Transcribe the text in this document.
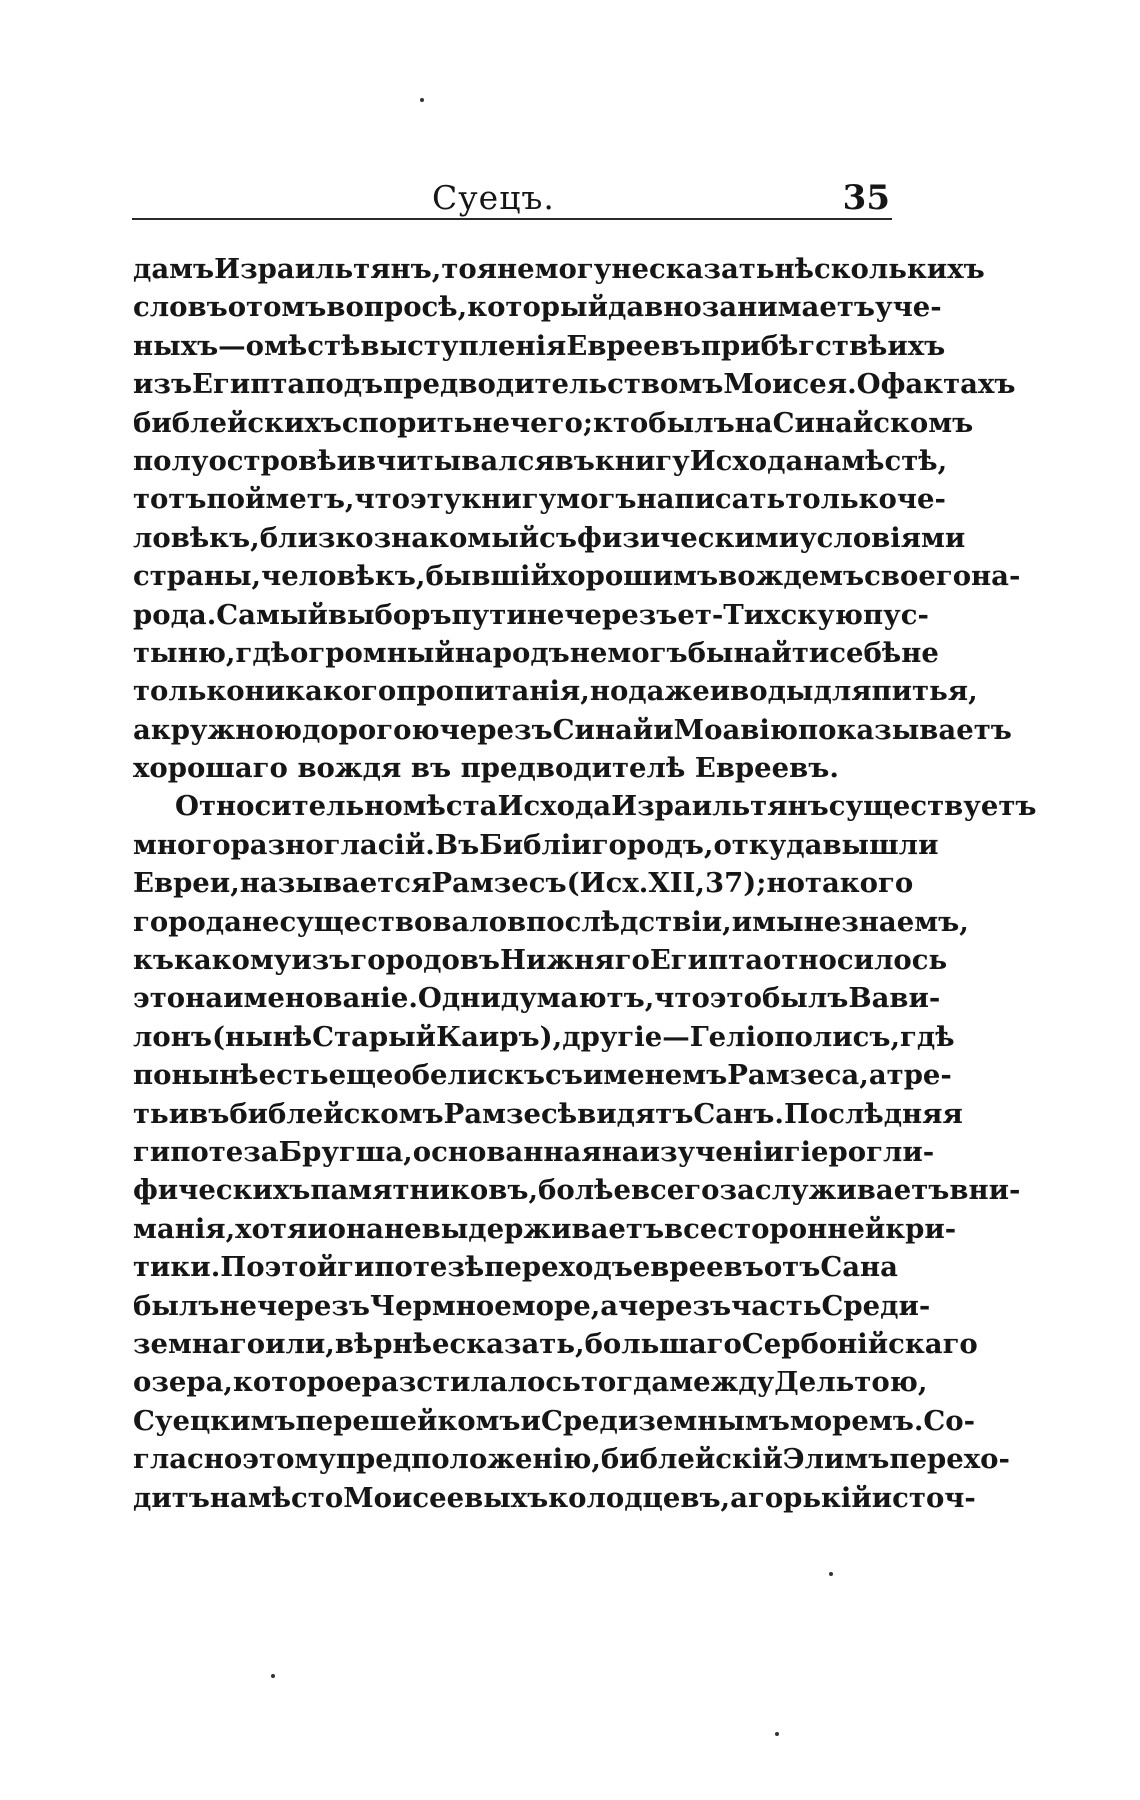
Суецъ.	35
дамъ Израильтянъ, то я не могу не сказать нѣсколькихъ
словъ о томъ вопросѣ, который давно занимаетъ уче-
ныхъ—о мѣстѣ выступленія Евреевъ при бѣгствѣ ихъ
изъ Египта подъ предводительствомъ Моисея. О фактахъ
библейскихъ спорить нечего; кто былъ на Синайскомъ
полуостровѣ и вчитывался въ книгу Исхода на мѣстѣ,
тотъ пойметъ, что эту книгу могъ написать только че-
ловѣкъ, близко знакомый съ физическими условіями
страны, человѣкъ, бывшій хорошимъ вождемъ своего на-
рода. Самый выборъ пути не черезъ ет-Тихскую пус-
тыню, гдѣ огромный народъ не могъ бы найти себѣ не
только никакого пропитанія, но даже и воды для питья,
а кружною дорогою черезъ Синай и Моавію показываетъ
хорошаго вождя въ предводителѣ Евреевъ.
Относительно мѣста Исхода Израильтянъ существуетъ
много разногласій. Въ Библіи городъ, откуда вышли
Евреи, называется Рамзесъ (Исх. XII, 37); но такого
города не существовало впослѣдствіи, и мы не знаемъ,
къ какому изъ городовъ Нижняго Египта относилось
это наименованіе. Одни думаютъ, что это былъ Вави-
лонъ (нынѣ Старый Каиръ), другіе—Геліополисъ, гдѣ
понынѣ есть еще обелискъ съ именемъ Рамзеса, а тре-
тьи въ библейскомъ Рамзесѣ видятъ Санъ. Послѣдняя
гипотеза Бругша, основанная на изученіи гіерогли-
фическихъ памятниковъ, болѣе всего заслуживаетъ вни-
манія, хотя и она не выдерживаетъ всесторонней кри-
тики. По этой гипотезѣ переходъ евреевъ отъ Сана
былъ не черезъ Чермное море, а черезъ часть Среди-
земнаго или, вѣрнѣе сказать, большаго Сербонійскаго
озера, которое разстилалось тогда между Дельтою,
Суецкимъ перешейкомъ и Средиземнымъ моремъ. Со-
гласно этому предположенію, библейскій Элимъ перехо-
дитъ на мѣсто Моисеевыхъ колодцевъ, а горькій источ-
